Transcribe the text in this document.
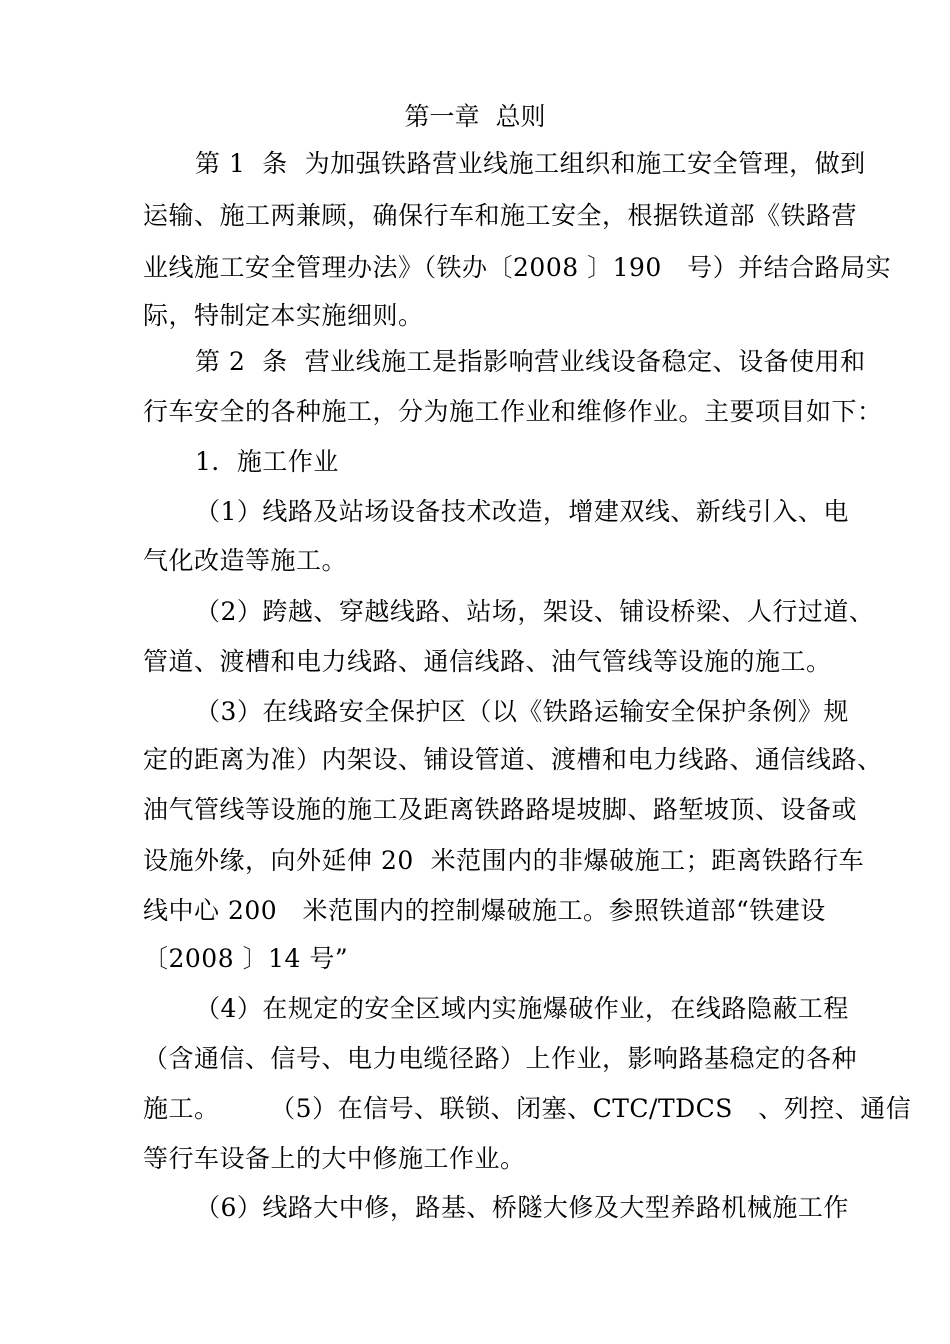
第一章  总则
第 1  条  为加强铁路营业线施工组织和施工安全管理，做到
运输、施工两兼顾，确保行车和施工安全，根据铁道部《铁路营
业线施工安全管理办法》（铁办〔2008 〕190   号）并结合路局实
际，特制定本实施细则。
第 2  条  营业线施工是指影响营业线设备稳定、设备使用和
行车安全的各种施工，分为施工作业和维修作业。主要项目如下：
1．施工作业
（1）线路及站场设备技术改造，增建双线、新线引入、电
气化改造等施工。
（2）跨越、穿越线路、站场，架设、铺设桥梁、人行过道、
管道、渡槽和电力线路、通信线路、油气管线等设施的施工。
（3）在线路安全保护区（以《铁路运输安全保护条例》规
定的距离为准）内架设、铺设管道、渡槽和电力线路、通信线路、
油气管线等设施的施工及距离铁路路堤坡脚、路堑坡顶、设备或
设施外缘，向外延伸 20  米范围内的非爆破施工；距离铁路行车
线中心 200   米范围内的控制爆破施工。参照铁道部“铁建设
〔2008 〕14 号”
（4）在规定的安全区域内实施爆破作业，在线路隐蔽工程
（含通信、信号、电力电缆径路）上作业，影响路基稳定的各种
施工。      （5）在信号、联锁、闭塞、CTC/TDCS   、列控、通信
等行车设备上的大中修施工作业。
（6）线路大中修，路基、桥隧大修及大型养路机械施工作
